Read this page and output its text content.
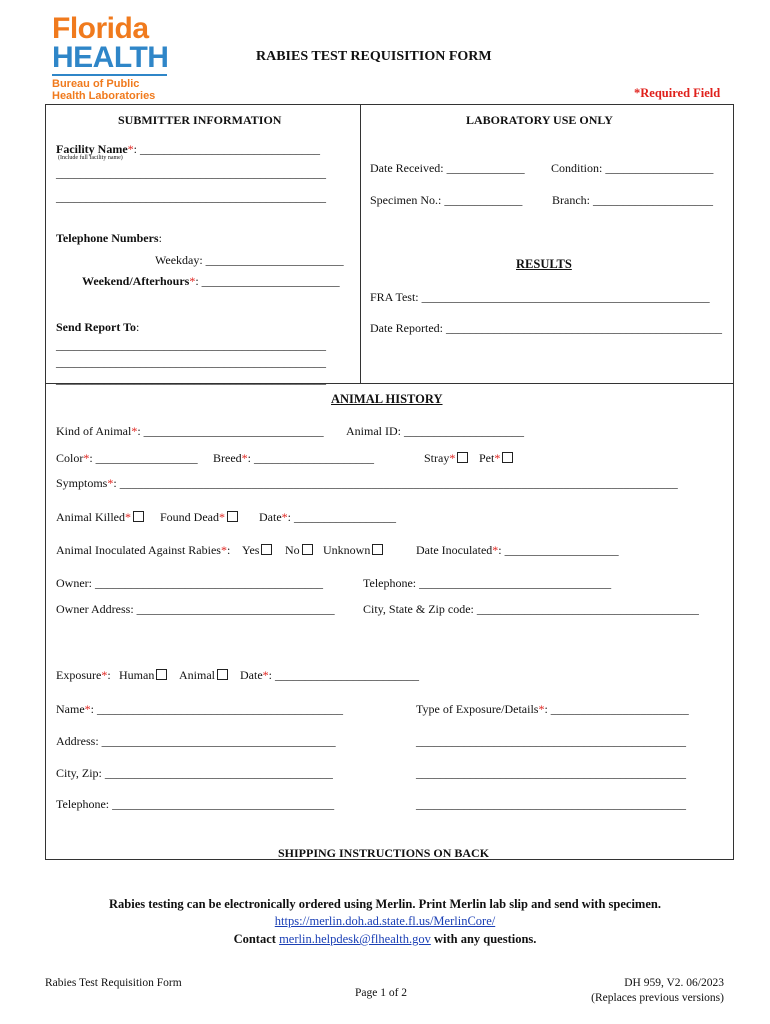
Florida
HEALTH
Bureau of Public
Health Laboratories
RABIES TEST REQUISITION FORM
*Required Field
SUBMITTER INFORMATION
Facility Name*: ______________________________
(Include full facility name)
_____________________________________________
_____________________________________________
Telephone Numbers:
Weekday: _______________________
Weekend/Afterhours*: _______________________
Send Report To:
_____________________________________________
_____________________________________________
_____________________________________________
LABORATORY USE ONLY
Date Received: _____________ Condition: __________________
Specimen No.: _____________ Branch: ____________________
RESULTS
FRA Test: ________________________________________________
Date Reported: ______________________________________________
ANIMAL HISTORY
Kind of Animal*: ______________________________ Animal ID: ____________________
Color*: _________________ Breed*: ____________________	Stray*	Pet*
Symptoms*: _____________________________________________________________________________________________
Animal Killed*	Found Dead*	Date*: _________________
Animal Inoculated Against Rabies*: Yes	No	Unknown	Date Inoculated*: ___________________
Owner: ______________________________________	Telephone: ________________________________
Owner Address: _________________________________ City, State & Zip code: _____________________________________
Exposure*: Human	Animal	Date*: ________________________
Name*: _________________________________________	Type of Exposure/Details*: _______________________
Address: _______________________________________	_____________________________________________
City, Zip: ______________________________________	_____________________________________________
Telephone: _____________________________________	_____________________________________________
SHIPPING INSTRUCTIONS ON BACK
Rabies testing can be electronically ordered using Merlin. Print Merlin lab slip and send with specimen.
https://merlin.doh.ad.state.fl.us/MerlinCore/
Contact merlin.helpdesk@flhealth.gov with any questions.
Rabies Test Requisition Form
Page 1 of 2
DH 959, V2. 06/2023
(Replaces previous versions)
